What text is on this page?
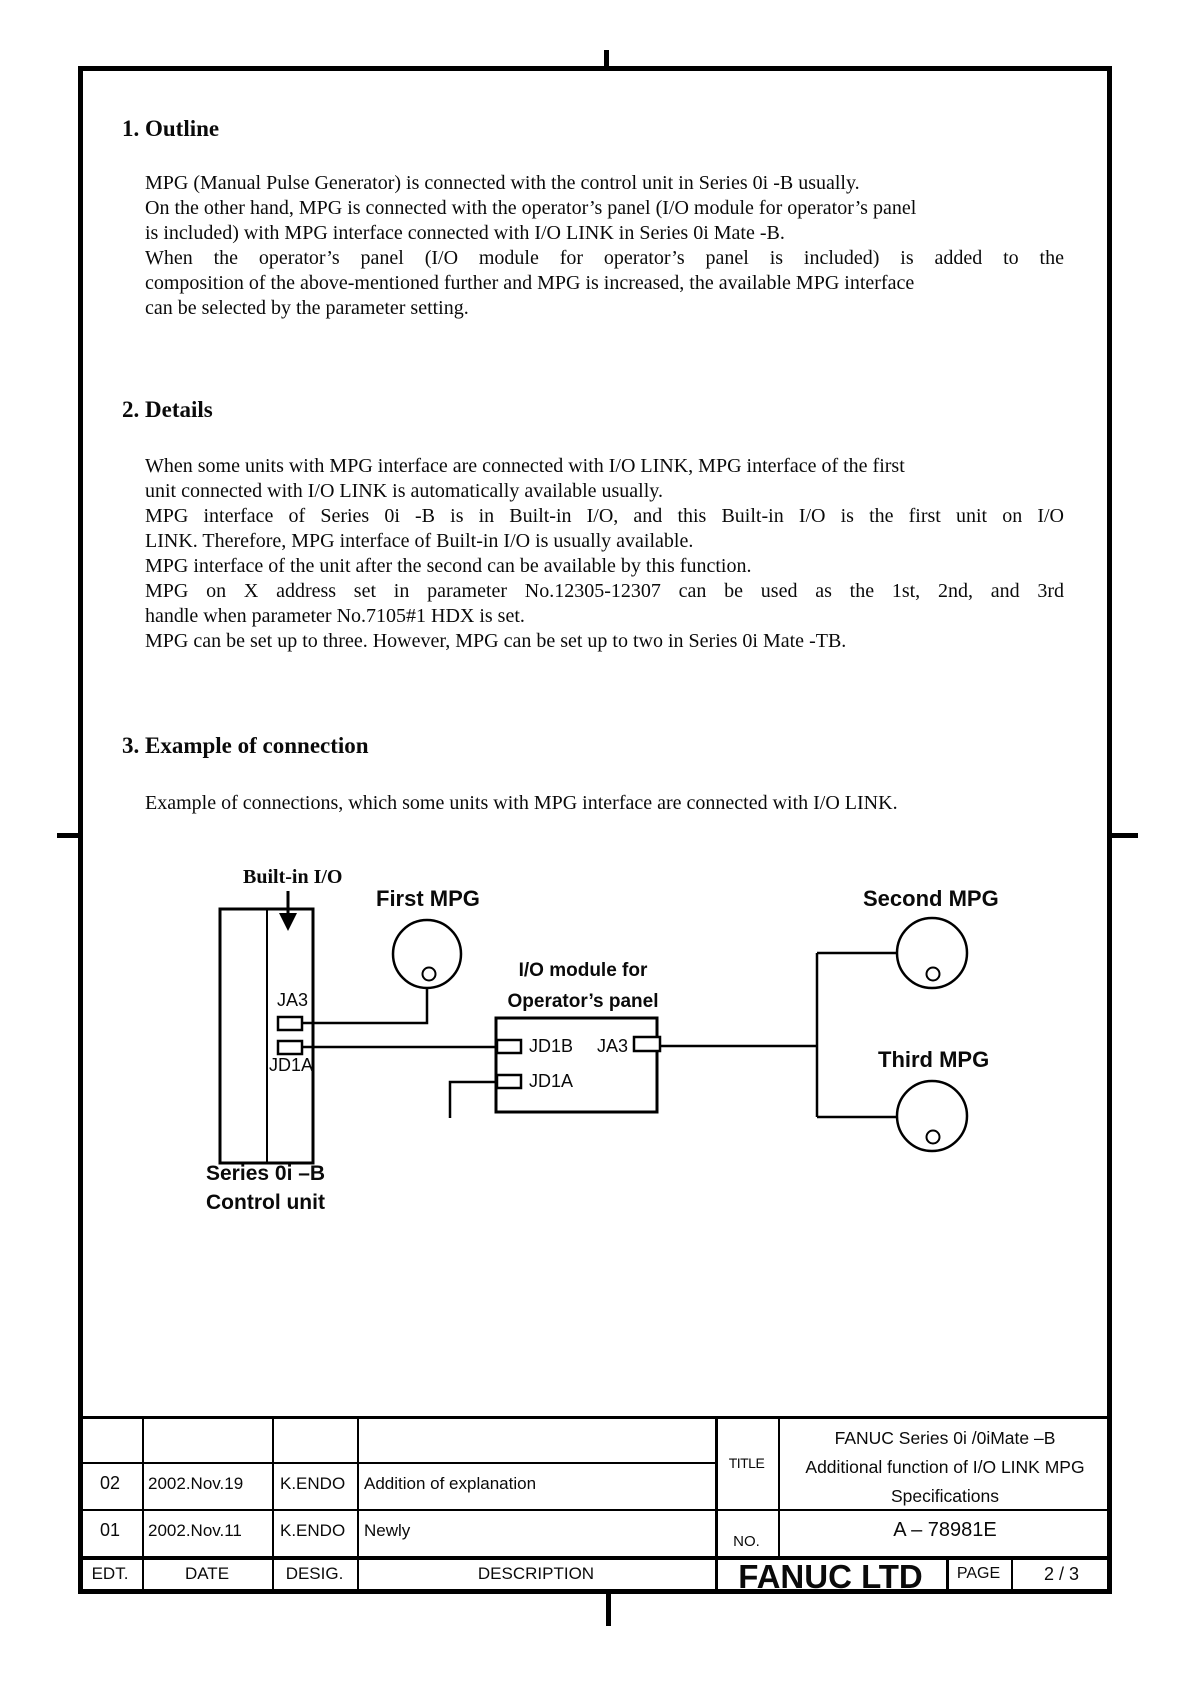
1. Outline
MPG (Manual Pulse Generator) is connected with the control unit in Series 0i -B usually.
On the other hand, MPG is connected with the operator’s panel (I/O module for operator’s panel
is included) with MPG interface connected with I/O LINK in Series 0i Mate -B.
When the operator’s panel (I/O module for operator’s panel is included) is added to the
composition of the above-mentioned further and MPG is increased, the available MPG interface
can be selected by the parameter setting.
2. Details
When some units with MPG interface are connected with I/O LINK, MPG interface of the first
unit connected with I/O LINK is automatically available usually.
MPG interface of Series 0i -B is in Built-in I/O, and this Built-in I/O is the first unit on I/O
LINK. Therefore, MPG interface of Built-in I/O is usually available.
MPG interface of the unit after the second can be available by this function.
MPG on X address set in parameter No.12305-12307 can be used as the 1st, 2nd, and 3rd
handle when parameter No.7105#1 HDX is set.
MPG can be set up to three. However, MPG can be set up to two in Series 0i Mate -TB.
3. Example of connection
Example of connections, which some units with MPG interface are connected with I/O LINK.
Built-in I/O
First MPG	Second MPG
Third MPG
I/O module for
Operator’s panel
JA3
JD1A
JD1B JA3
JD1A
Series 0i –B
Control unit
02	2002.Nov.19 K.ENDO Addition of explanation
01	2002.Nov.11 K.ENDO Newly
EDT.	DATE	DESIG.	DESCRIPTION
TITLE
FANUC Series 0i /0iMate –B
Additional function of I/O LINK MPG
Specifications
NO.
A – 78981E
FANUC LTD	PAGE	2 / 3
